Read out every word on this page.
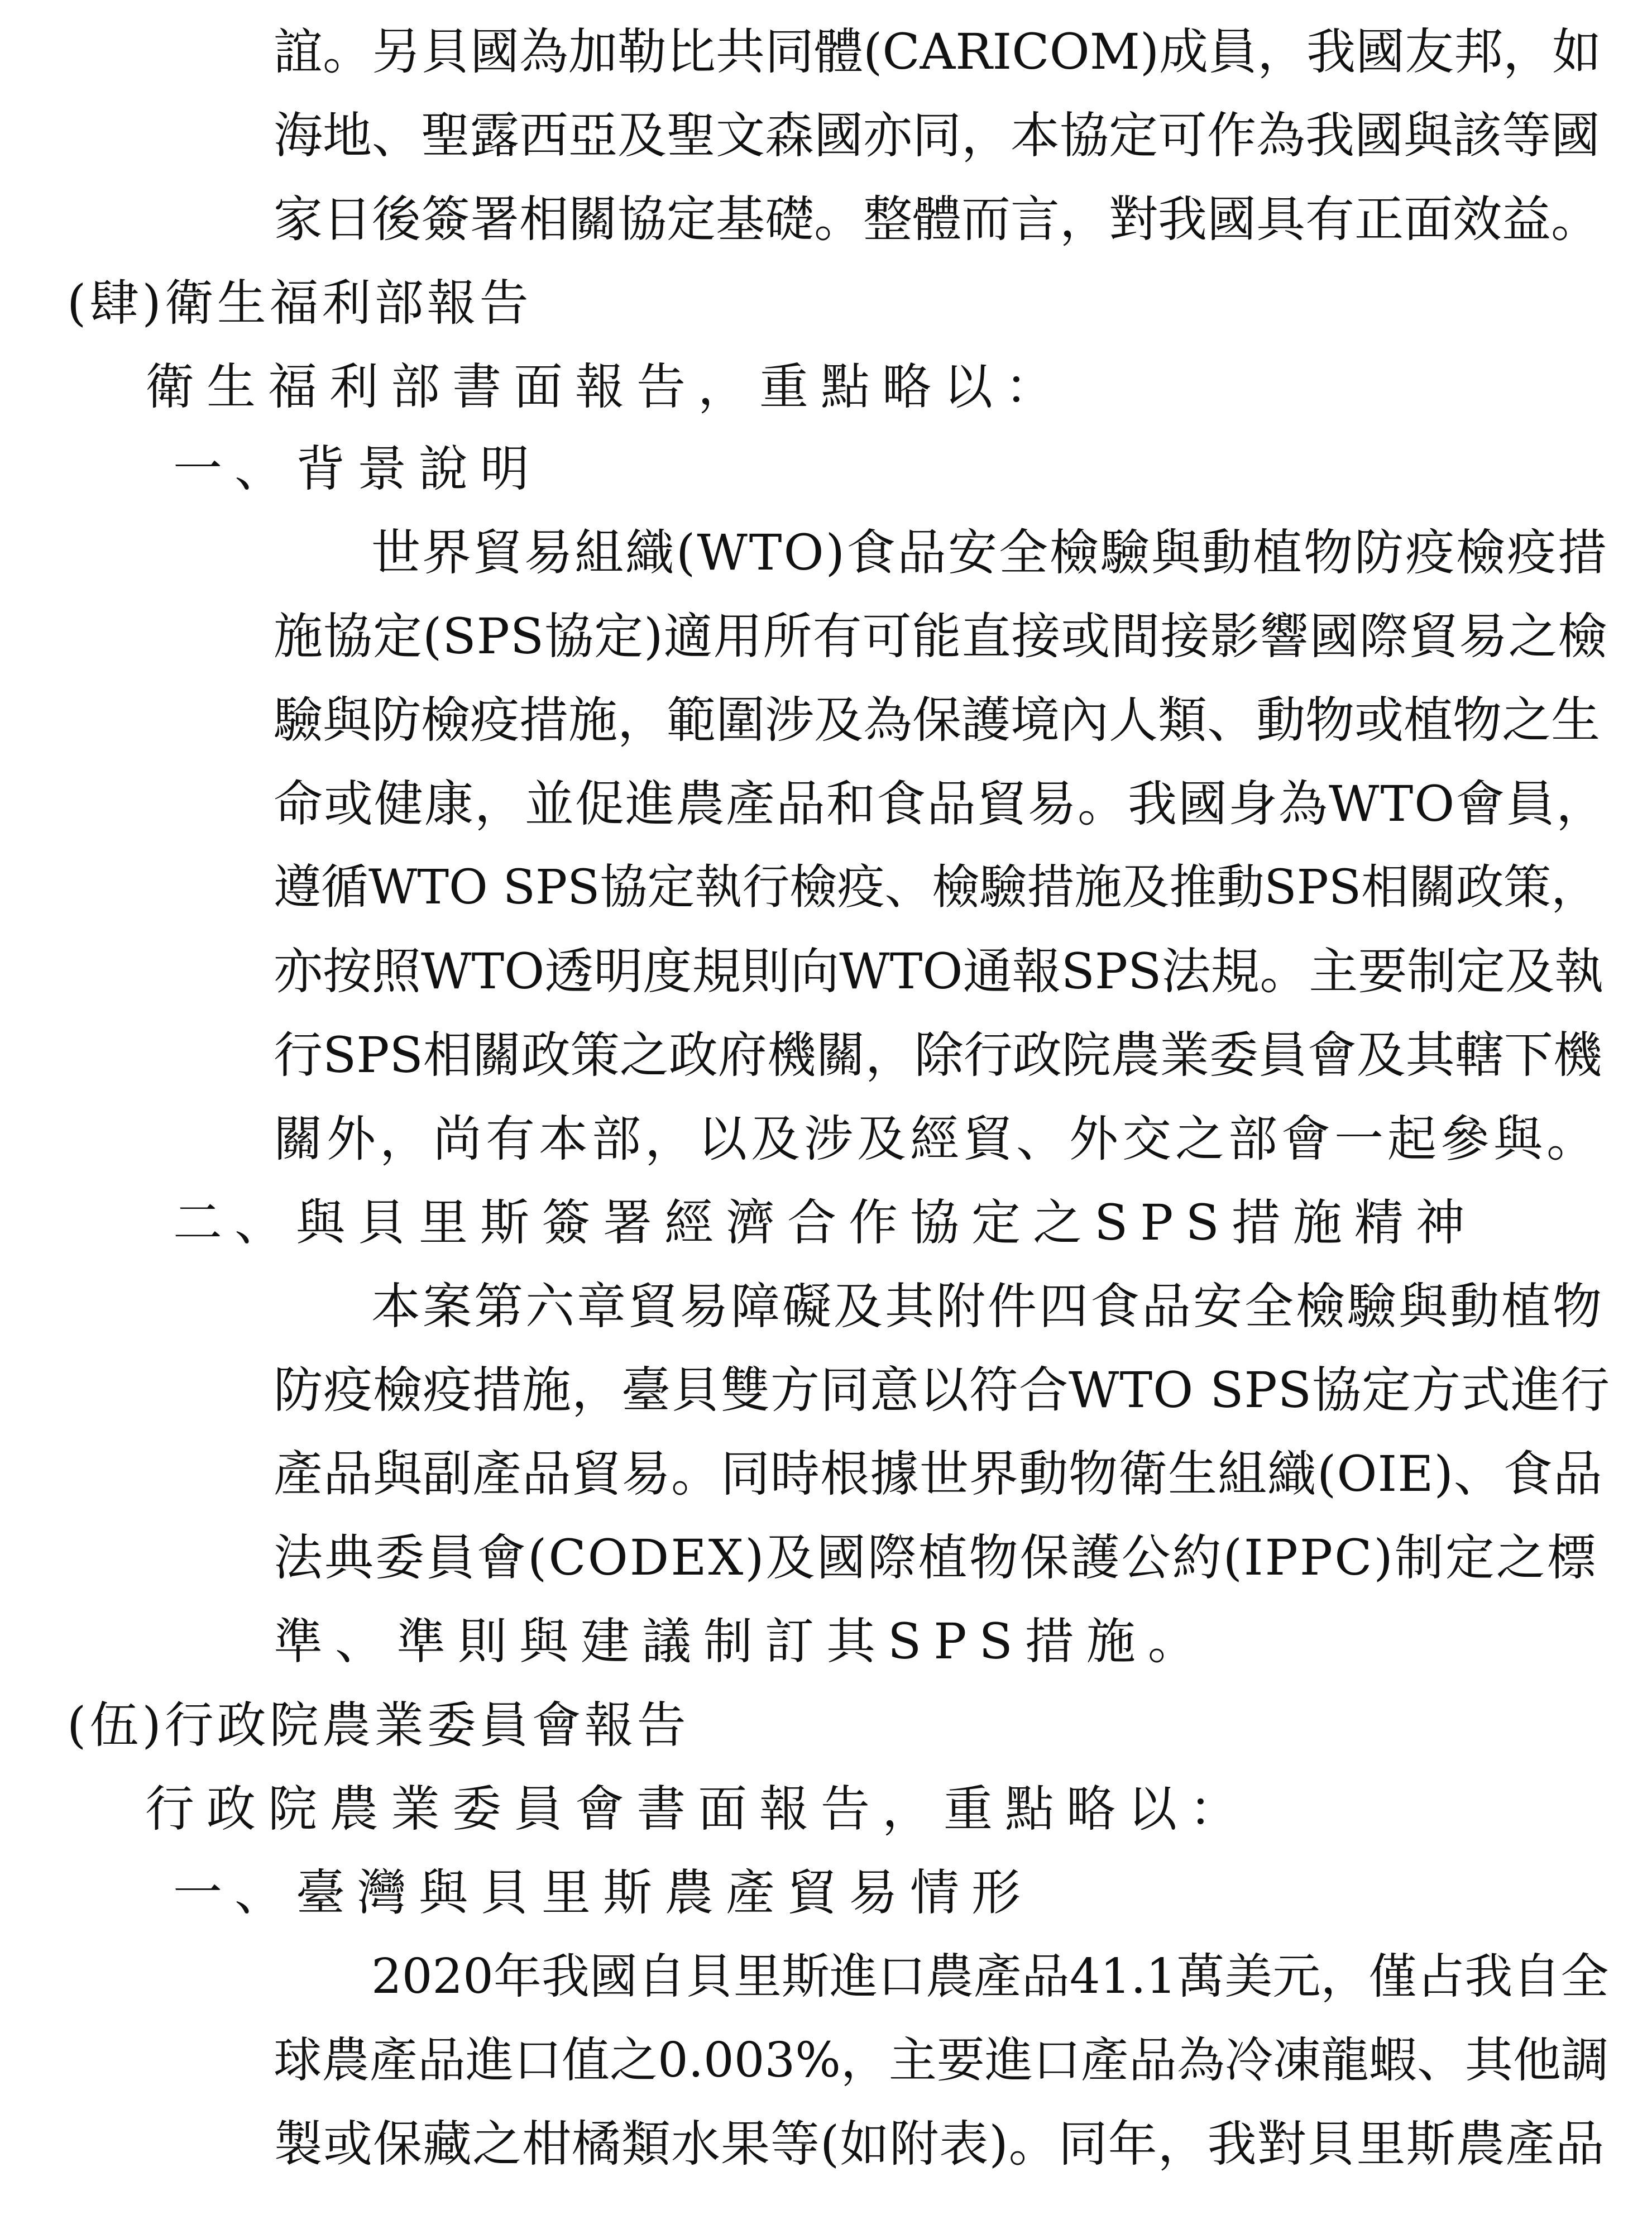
誼。另貝國為加勒比共同體(CARICOM)成員，我國友邦，如
海地、聖露西亞及聖文森國亦同，本協定可作為我國與該等國
家日後簽署相關協定基礎。整體而言，對我國具有正面效益。
(肆)衛生福利部報告
衛生福利部書面報告，重點略以：
一、背景說明
世界貿易組織(WTO)食品安全檢驗與動植物防疫檢疫措
施協定(SPS協定)適用所有可能直接或間接影響國際貿易之檢
驗與防檢疫措施，範圍涉及為保護境內人類、動物或植物之生
命或健康，並促進農產品和食品貿易。我國身為WTO會員，
遵循WTO SPS協定執行檢疫、檢驗措施及推動SPS相關政策，
亦按照WTO透明度規則向WTO通報SPS法規。主要制定及執
行SPS相關政策之政府機關，除行政院農業委員會及其轄下機
關外，尚有本部，以及涉及經貿、外交之部會一起參與。
二、與貝里斯簽署經濟合作協定之SPS措施精神
本案第六章貿易障礙及其附件四食品安全檢驗與動植物
防疫檢疫措施，臺貝雙方同意以符合WTO SPS協定方式進行
產品與副產品貿易。同時根據世界動物衛生組織(OIE)、食品
法典委員會(CODEX)及國際植物保護公約(IPPC)制定之標
準、準則與建議制訂其SPS措施。
(伍)行政院農業委員會報告
行政院農業委員會書面報告，重點略以：
一、臺灣與貝里斯農產貿易情形
2020年我國自貝里斯進口農產品41.1萬美元，僅占我自全
球農產品進口值之0.003%，主要進口產品為冷凍龍蝦、其他調
製或保藏之柑橘類水果等(如附表)。同年，我對貝里斯農產品
